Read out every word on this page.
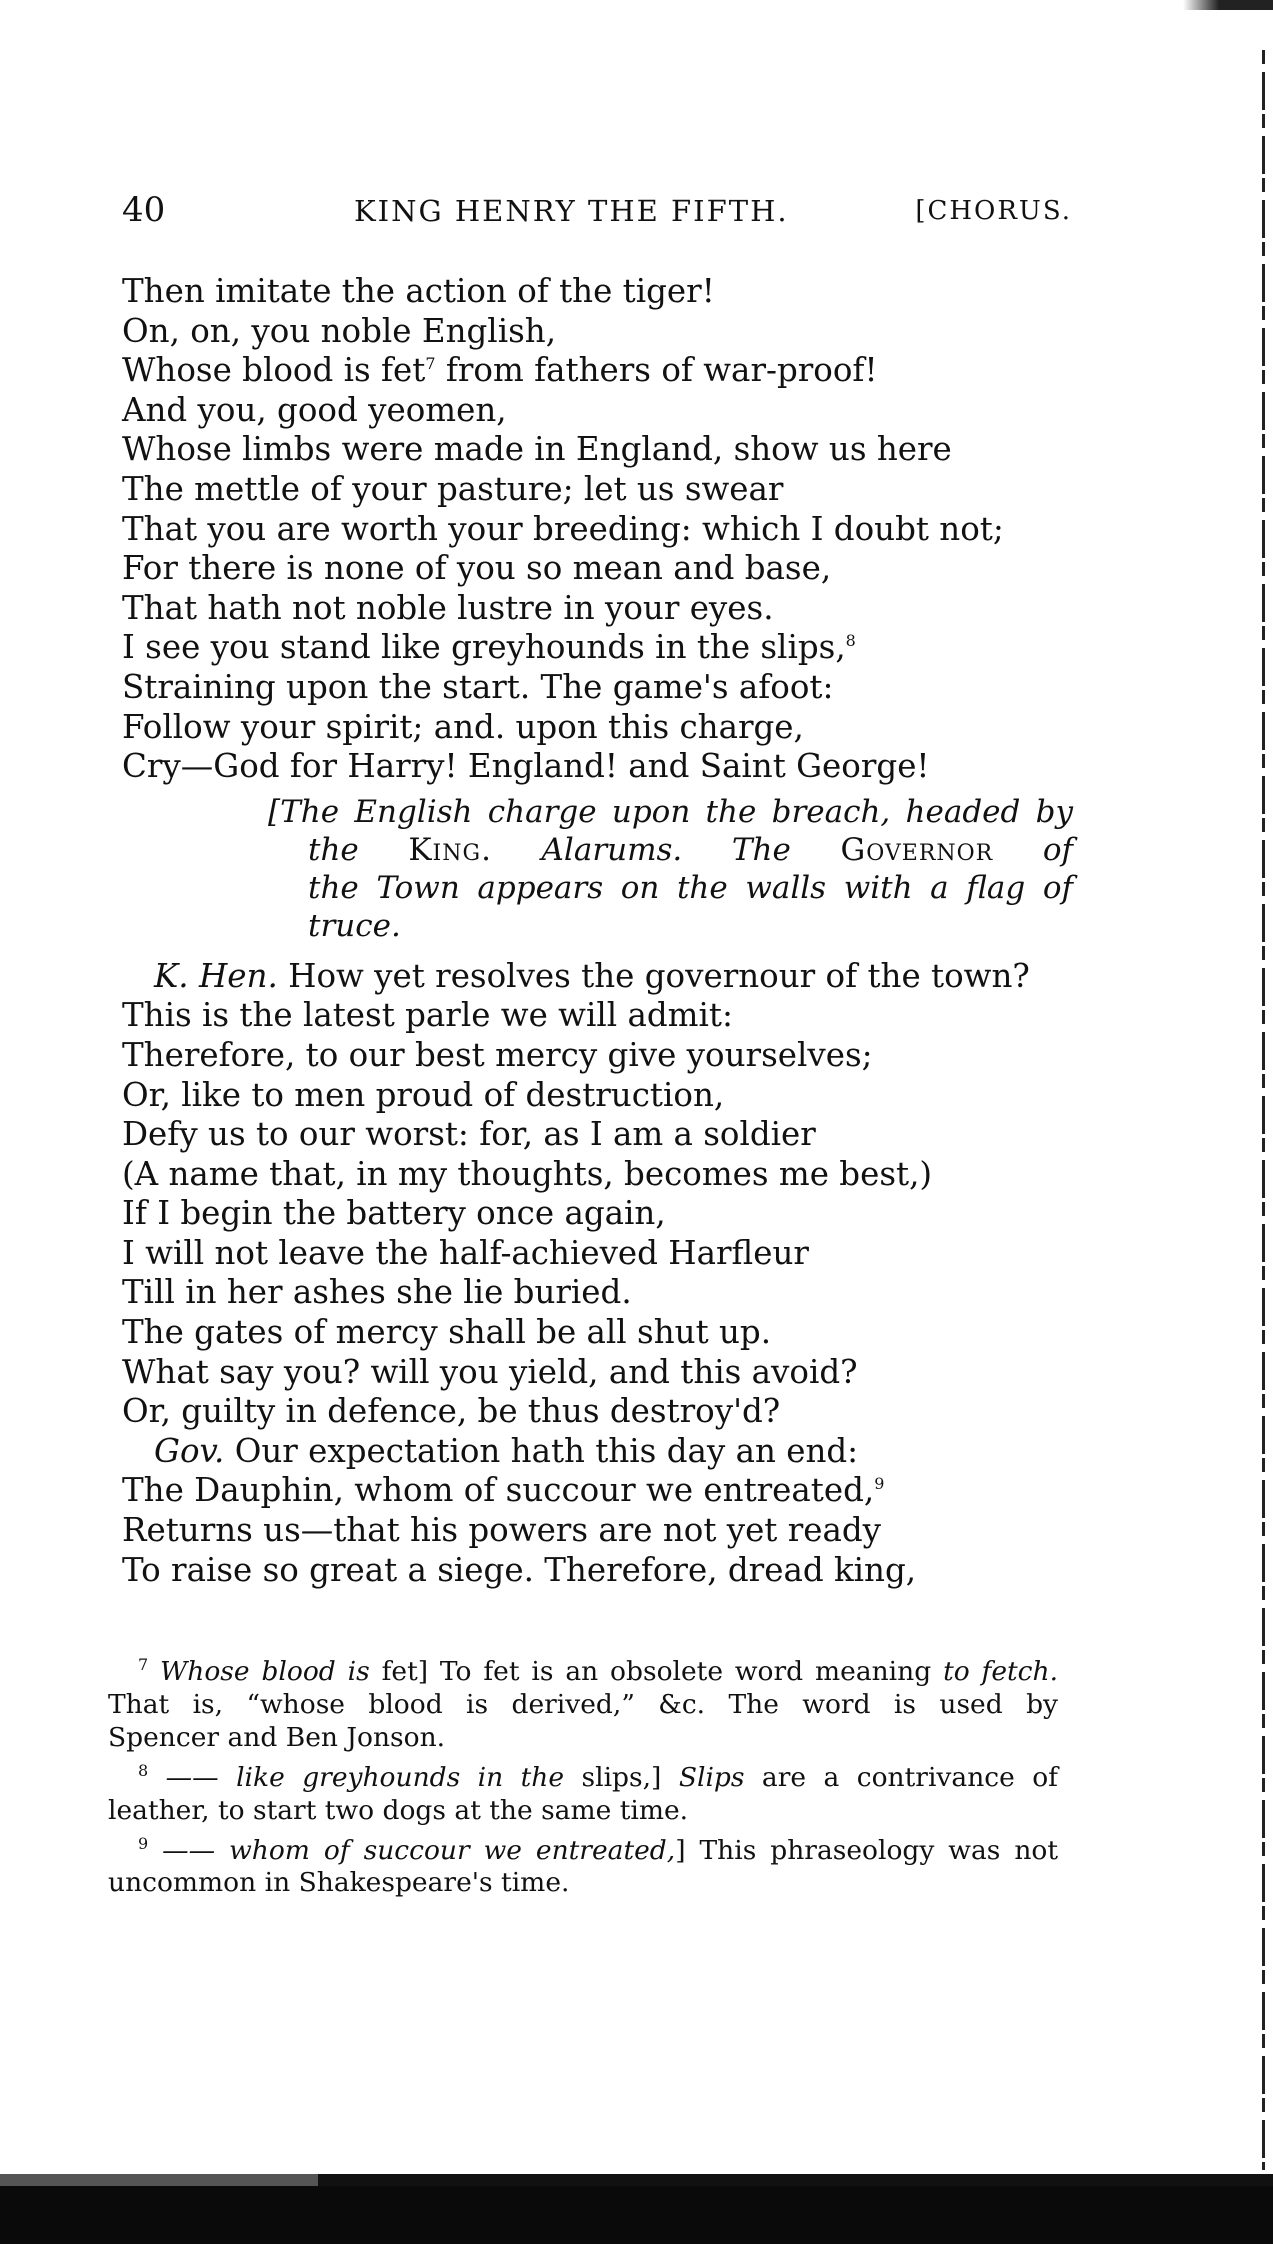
40	KING HENRY THE FIFTH.	[CHORUS.
Then imitate the action of the tiger!
On, on, you noble English,
Whose blood is fet$^7$ from fathers of war-proof!
And you, good yeomen,
Whose limbs were made in England, show us here
The mettle of your pasture; let us swear
That you are worth your breeding: which I doubt not;
For there is none of you so mean and base,
That hath not noble lustre in your eyes.
I see you stand like greyhounds in the slips,$^8$
Straining upon the start. The game's afoot:
Follow your spirit; and. upon this charge,
Cry—God for Harry! England! and Saint George!
[The English charge upon the breach, headed by
the King. Alarums. The Governor of
the Town appears on the walls with a flag of
truce.
K. Hen. How yet resolves the governour of the town?
This is the latest parle we will admit:
Therefore, to our best mercy give yourselves;
Or, like to men proud of destruction,
Defy us to our worst: for, as I am a soldier
(A name that, in my thoughts, becomes me best,)
If I begin the battery once again,
I will not leave the half-achieved Harfleur
Till in her ashes she lie buried.
The gates of mercy shall be all shut up.
What say you? will you yield, and this avoid?
Or, guilty in defence, be thus destroy'd?
Gov. Our expectation hath this day an end:
The Dauphin, whom of succour we entreated,$^9$
Returns us—that his powers are not yet ready
To raise so great a siege. Therefore, dread king,
$^7$ Whose blood is fet] To fet is an obsolete word meaning to fetch.
That is, “whose blood is derived,” &c. The word is used by
Spencer and Ben Jonson.
$^8$ —— like greyhounds in the slips,] Slips are a contrivance of
leather, to start two dogs at the same time.
$^9$ —— whom of succour we entreated,] This phraseology was not
uncommon in Shakespeare's time.
